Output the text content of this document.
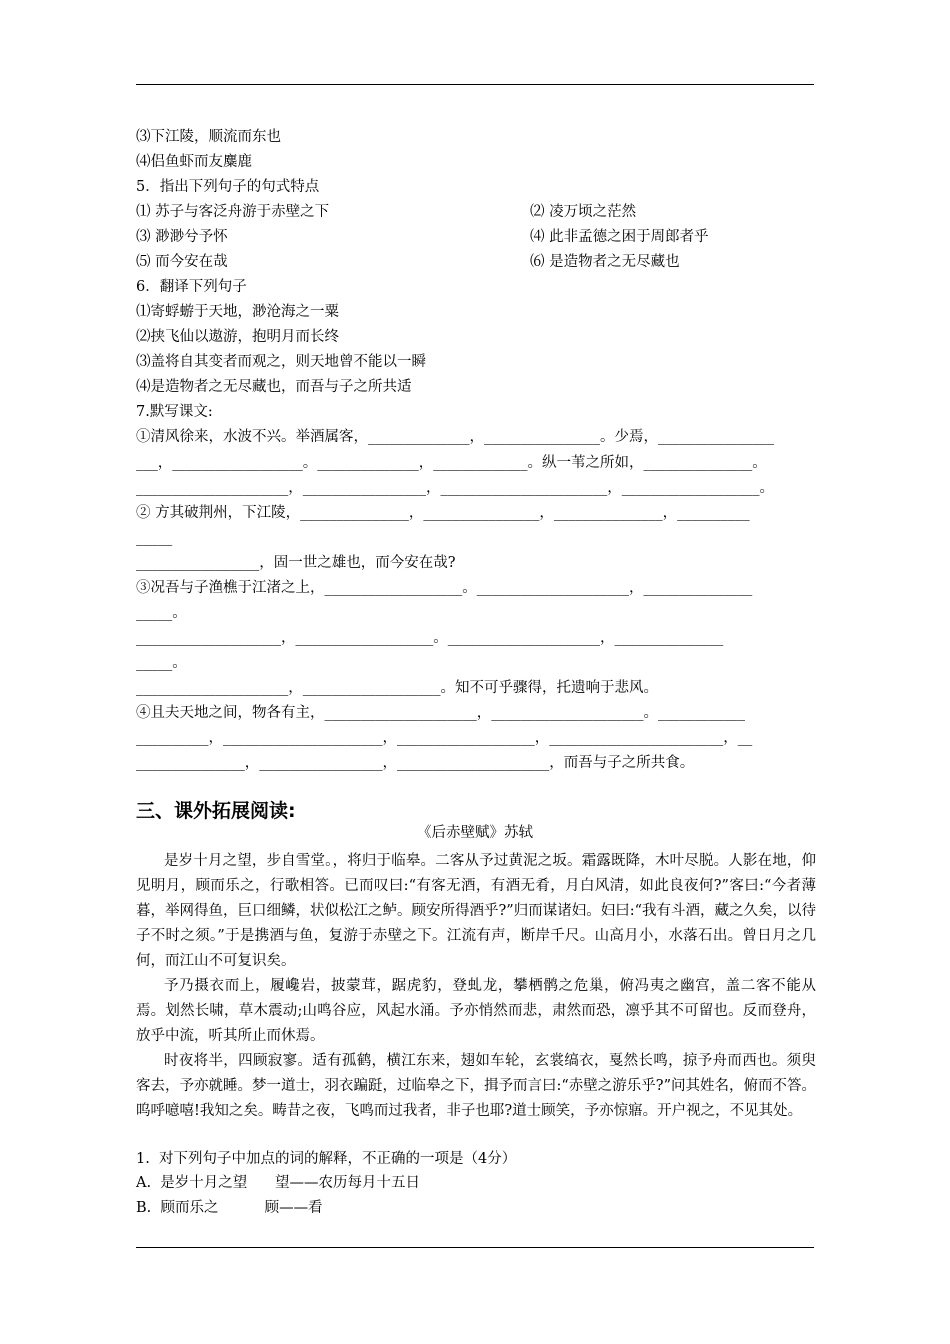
⑶下江陵，顺流而东也
⑷侣鱼虾而友麋鹿
5．指出下列句子的句式特点
⑴ 苏子与客泛舟游于赤壁之下	⑵ 凌万顷之茫然
⑶ 渺渺兮予怀	⑷ 此非孟德之困于周郎者乎
⑸ 而今安在哉	⑹ 是造物者之无尽藏也
6．翻译下列句子
⑴寄蜉蝣于天地，渺沧海之一粟
⑵挟飞仙以遨游，抱明月而长终
⑶盖将自其变者而观之，则天地曾不能以一瞬
⑷是造物者之无尽藏也，而吾与子之所共适
7.默写课文:
①清风徐来，水波不兴。举酒属客，______________，________________。少焉，________________
___，__________________。______________，_____________。纵一苇之所如，_______________。
_____________________，_________________，_______________________，___________________。
② 方其破荆州，下江陵，_______________，________________，_______________，__________
_____
_________________，固一世之雄也，而今安在哉?
③况吾与子渔樵于江渚之上，___________________。_____________________，_______________
_____。
____________________，___________________。_____________________，_______________
_____。
_____________________，___________________。知不可乎骤得，托遗响于悲风。
④且夫天地之间，物各有主，_____________________，_____________________。____________
__________，______________________，___________________，________________________，__
_______________，_________________，_____________________，而吾与子之所共食。
三、课外拓展阅读:
《后赤壁赋》苏轼
是岁十月之望，步自雪堂。，将归于临皋。二客从予过黄泥之坂。霜露既降，木叶尽脱。人影在地，仰见明月，顾而乐之，行歌相答。已而叹曰:“有客无酒，有酒无肴，月白风清，如此良夜何?”客曰:“今者薄暮，举网得鱼，巨口细鳞，状似松江之鲈。顾安所得酒乎?”归而谋诸妇。妇曰:“我有斗酒，藏之久矣，以待子不时之须。”于是携酒与鱼，复游于赤壁之下。江流有声，断岸千尺。山高月小，水落石出。曾日月之几何，而江山不可复识矣。
予乃摄衣而上，履巉岩，披蒙茸，踞虎豹，登虬龙，攀栖鹘之危巢，俯冯夷之幽宫，盖二客不能从焉。划然长啸，草木震动;山鸣谷应，风起水涌。予亦悄然而悲，肃然而恐，凛乎其不可留也。反而登舟，放乎中流，听其所止而休焉。
时夜将半，四顾寂寥。适有孤鹤，横江东来，翅如车轮，玄裳缟衣，戛然长鸣，掠予舟而西也。须臾客去，予亦就睡。梦一道士，羽衣蹁跹，过临皋之下，揖予而言曰:“赤壁之游乐乎?”问其姓名，俯而不答。呜呼噫嘻!我知之矣。畴昔之夜，飞鸣而过我者，非子也耶?道士顾笑，予亦惊寤。开户视之，不见其处。
1.  对下列句子中加点的词的解释，不正确的一项是（4分）
A.  是岁十月之望      望——农历每月十五日
B.  顾而乐之          顾——看
